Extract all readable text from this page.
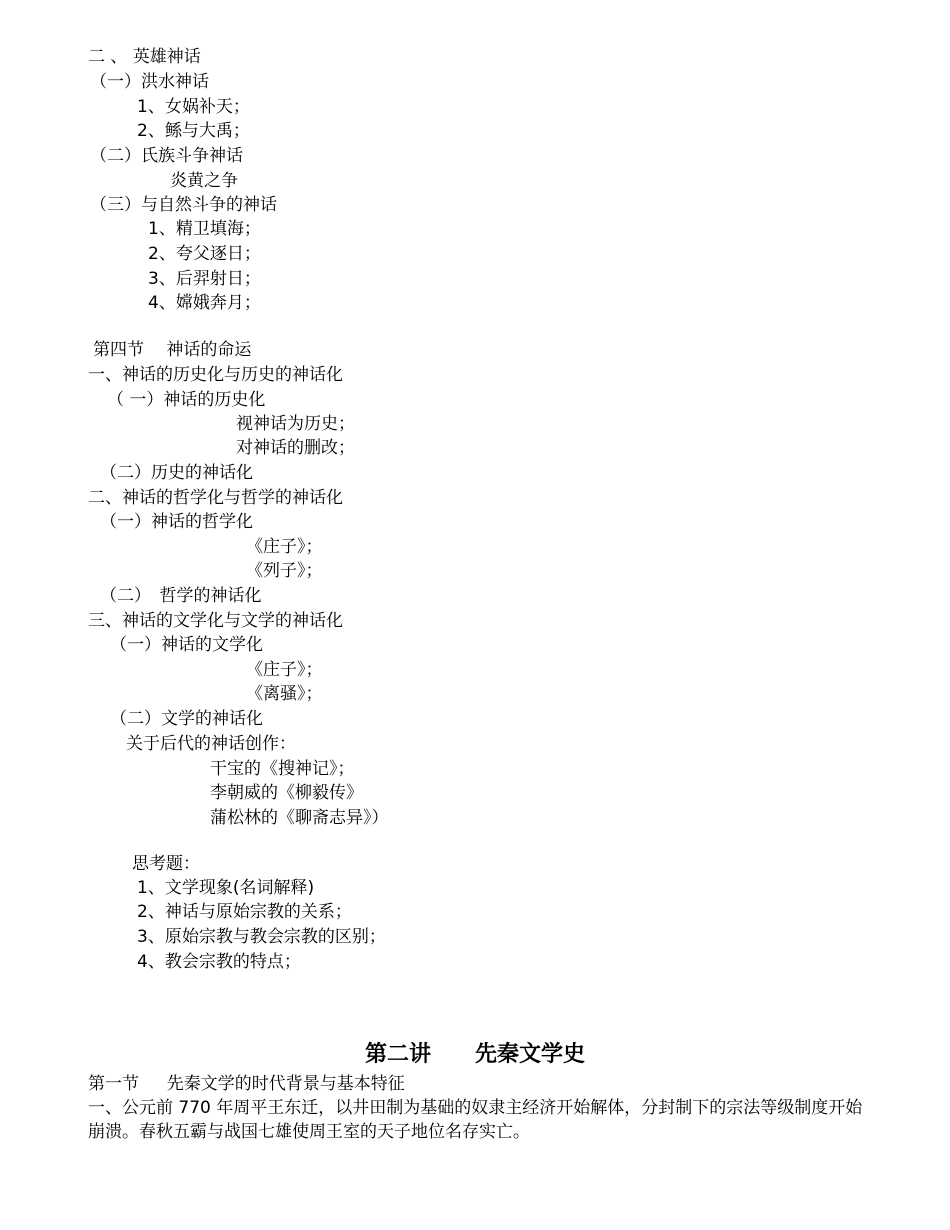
二 、 英雄神话
（一）洪水神话
1、女娲补天；
2、鲧与大禹；
（二）氏族斗争神话
炎黄之争
（三）与自然斗争的神话
1、精卫填海；
2、夸父逐日；
3、后羿射日；
4、嫦娥奔月；
第四节　 神话的命运
一、神话的历史化与历史的神话化
（ 一）神话的历史化
视神话为历史；
对神话的删改；
（二）历史的神话化
二、神话的哲学化与哲学的神话化
（一）神话的哲学化
《庄子》；
《列子》；
（二）　哲学的神话化
三、神话的文学化与文学的神话化
（一）神话的文学化
《庄子》；
《离骚》；
（二）文学的神话化
关于后代的神话创作：
干宝的《搜神记》；
李朝威的《柳毅传》
蒲松林的《聊斋志异》）
思考题：
1、文学现象(名词解释)
2、神话与原始宗教的关系；
3、原始宗教与教会宗教的区别；
4、教会宗教的特点；
第二讲　　先秦文学史
第一节　  先秦文学的时代背景与基本特征
一、公元前 770 年周平王东迁，以井田制为基础的奴隶主经济开始解体，分封制下的宗法等级制度开始崩溃。春秋五霸与战国七雄使周王室的天子地位名存实亡。
